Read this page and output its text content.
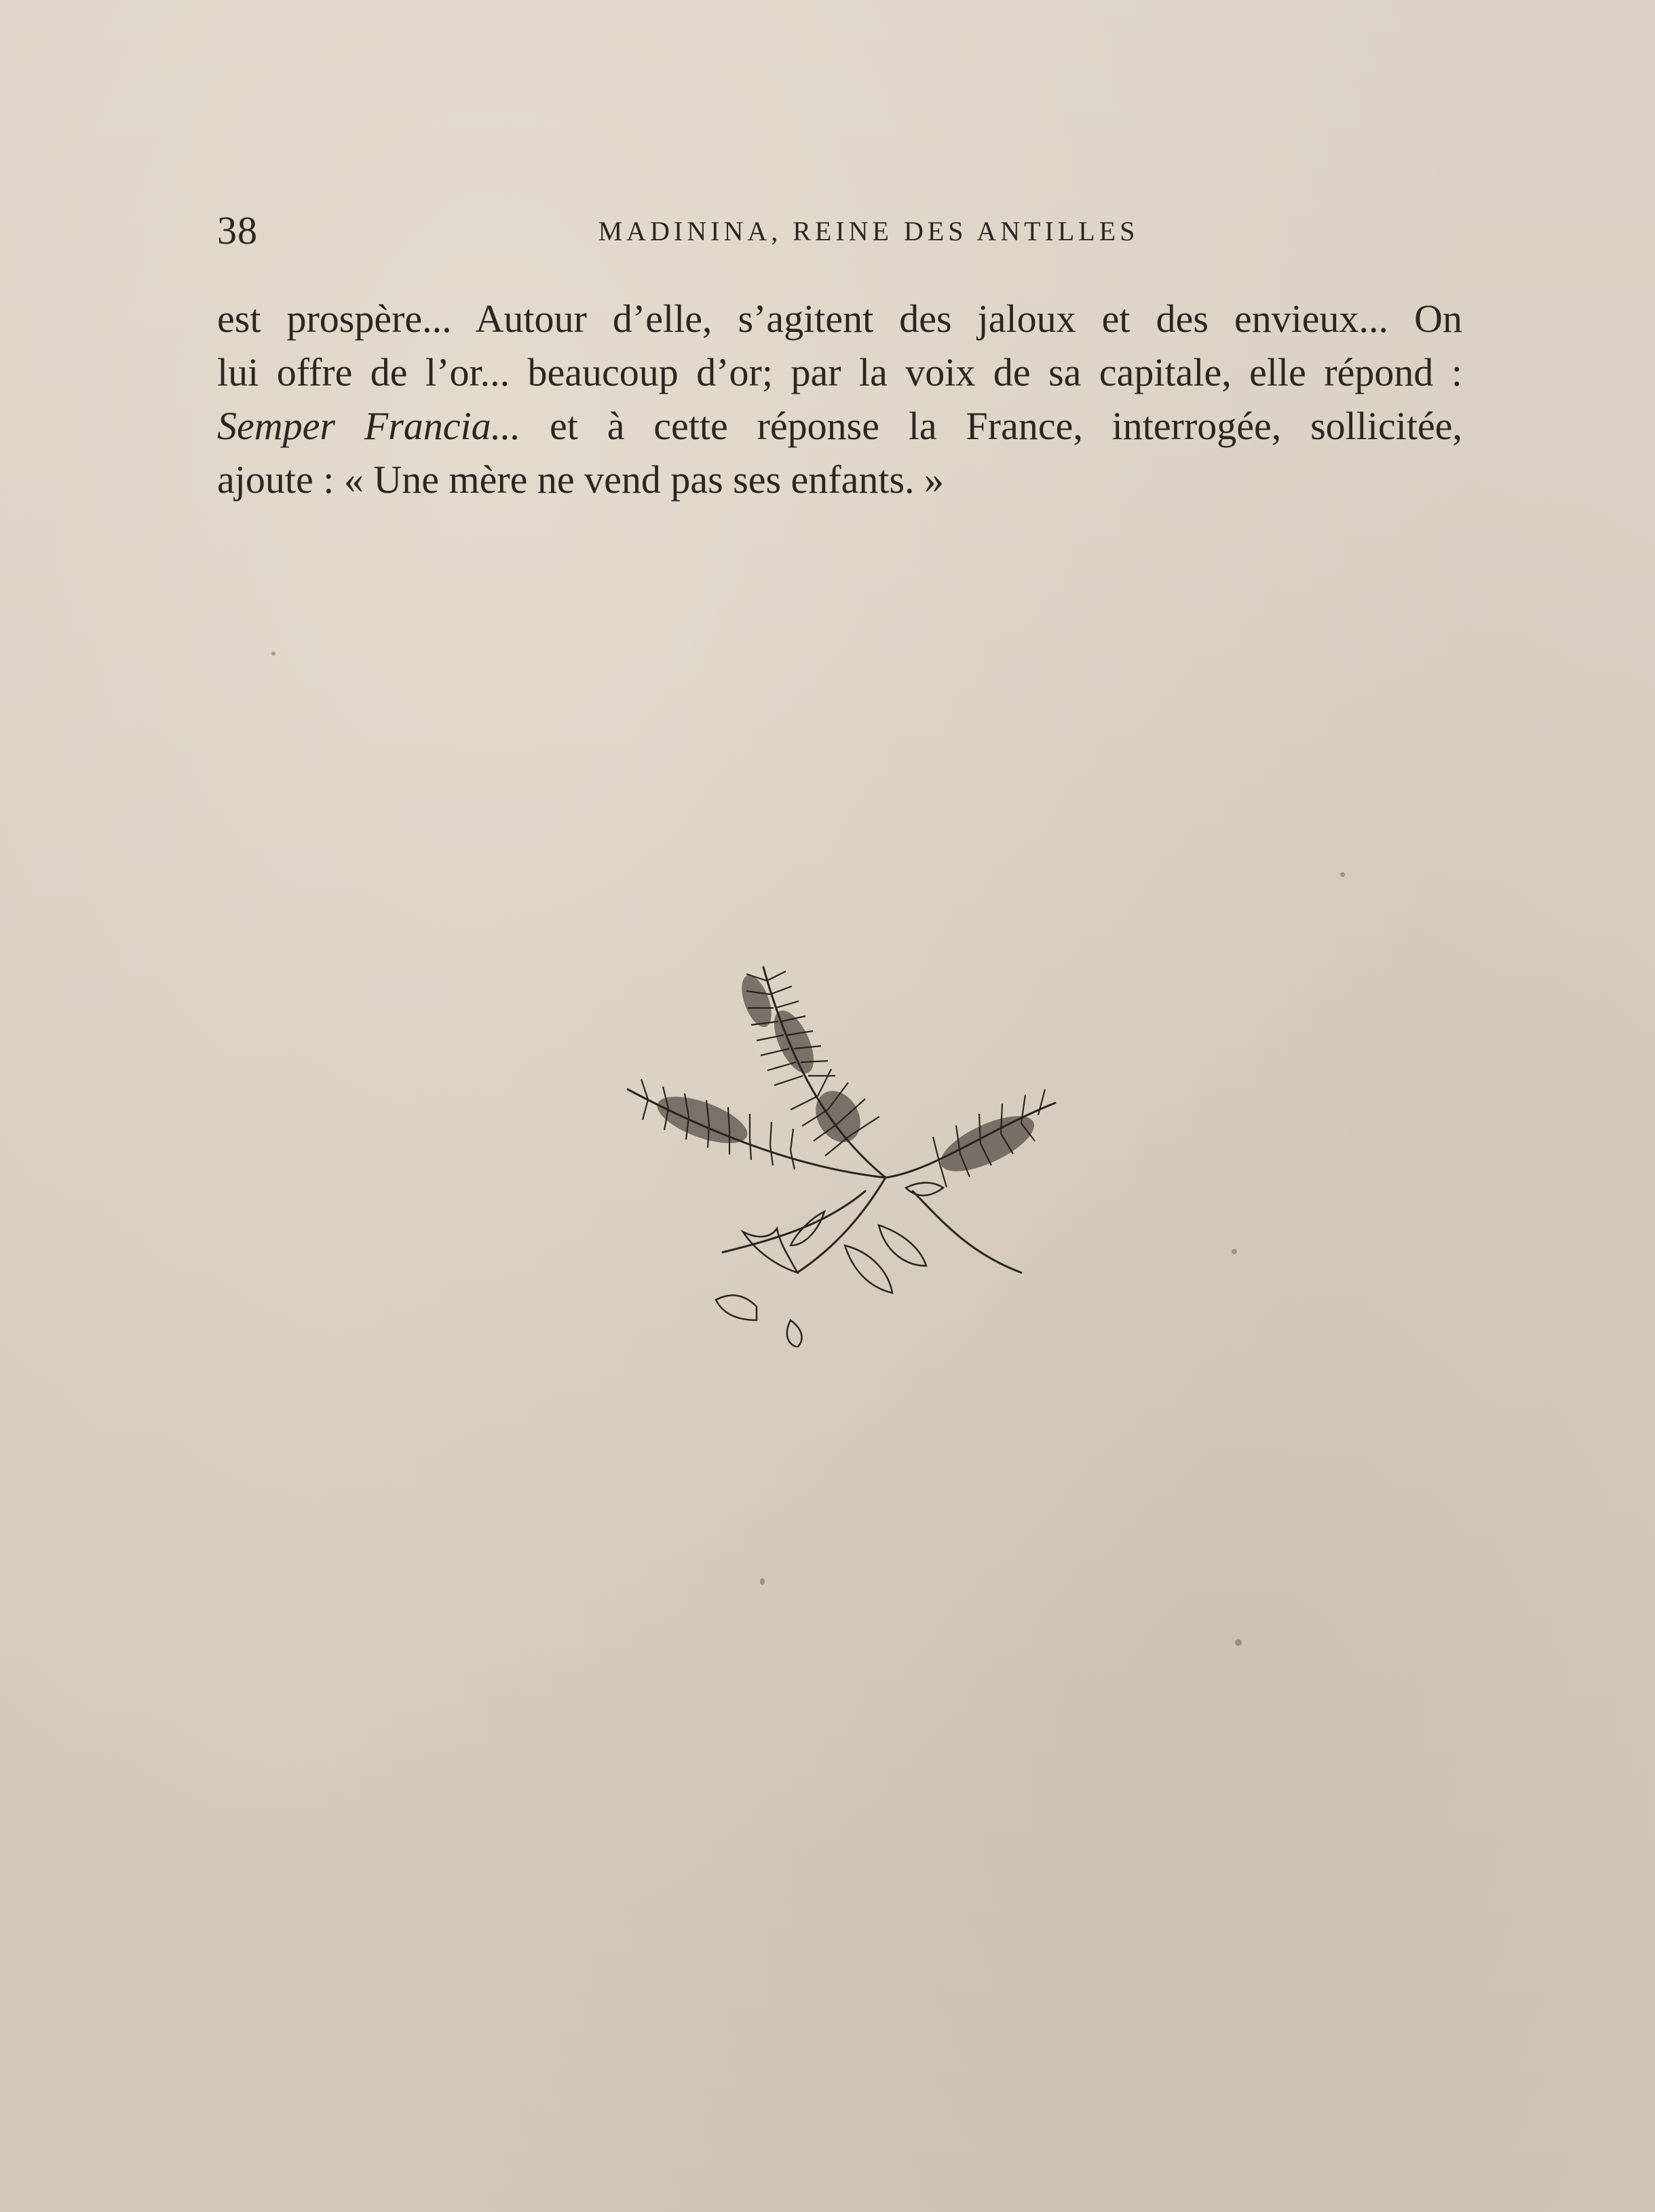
38	MADININA, REINE DES ANTILLES
est prospère... Autour d’elle, s’agitent des jaloux et des envieux... On
lui offre de l’or... beaucoup d’or; par la voix de sa capitale, elle répond :
Semper Francia... et à cette réponse la France, interrogée, sollicitée,
ajoute : « Une mère ne vend pas ses enfants. »
